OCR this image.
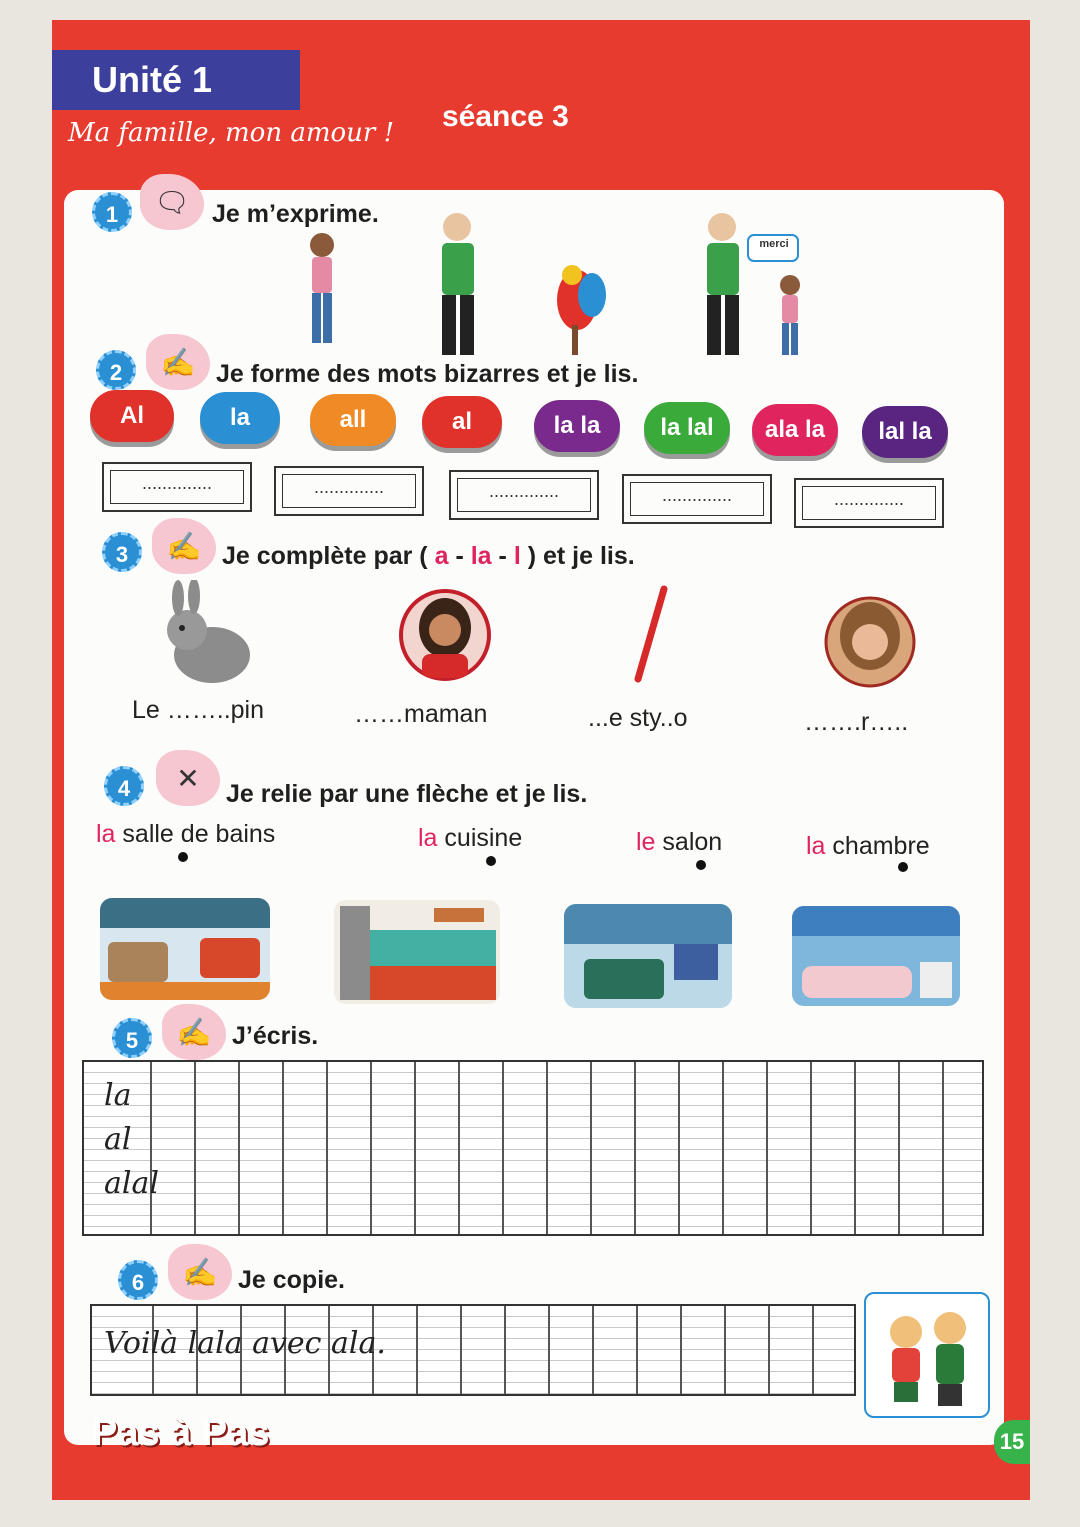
Unité 1
Ma famille, mon amour ! séance 3
1	🗨 Je m’exprime.
merci
2	✍ Je forme des mots bizarres et je lis.
Al	la	all	al	la la	la lal	ala la	lal la
..............	..............	..............	..............	..............
3	✍ Je complète par ( a - la - l ) et je lis.
Le ……..pin	……maman	...e sty..o	…….r…..
4	✕
Je relie par une flèche et je lis.
la salle de bains	la cuisine	le salon	la chambre
5	✍ J’écris.
la
al
alal
6	✍ Je copie.
Voilà lala avec ala.
Pas à Pas	15
